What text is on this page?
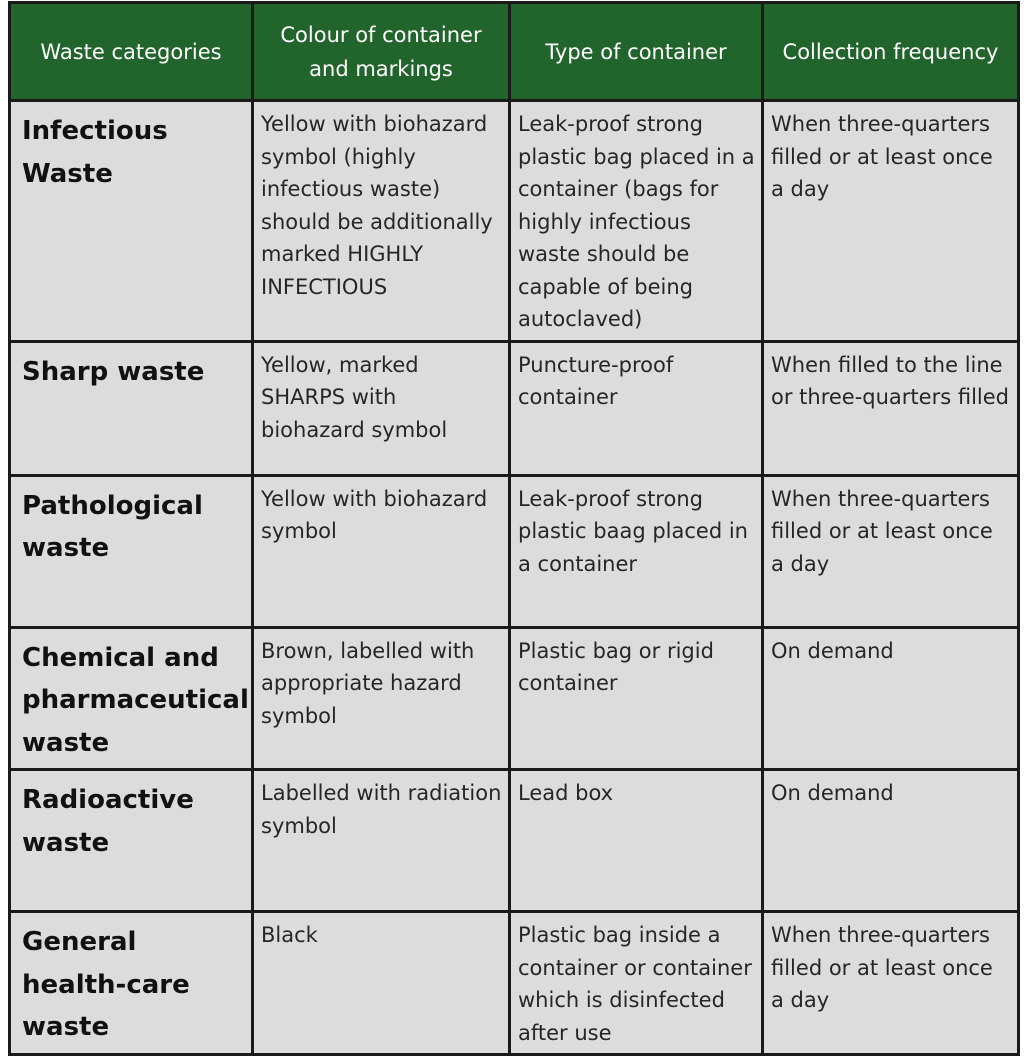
Waste categories	Colour of container and markings	Type of container	Collection frequency
Infectious Waste	Yellow with biohazard symbol (highly infectious waste) should be additionally marked HIGHLY INFECTIOUS	Leak-proof strong plastic bag placed in a container (bags for highly infectious waste should be capable of being autoclaved)	When three-quarters filled or at least once a day
Sharp waste	Yellow, marked SHARPS with biohazard symbol	Puncture-proof container	When filled to the line or three-quarters filled
Pathological waste	Yellow with biohazard symbol	Leak-proof strong plastic baag placed in a container	When three-quarters filled or at least once a day
Chemical and pharmaceutical waste	Brown, labelled with appropriate hazard symbol	Plastic bag or rigid container	On demand
Radioactive waste	Labelled with radiation symbol	Lead box	On demand
General health-care waste	Black	Plastic bag inside a container or container which is disinfected after use	When three-quarters filled or at least once a day
